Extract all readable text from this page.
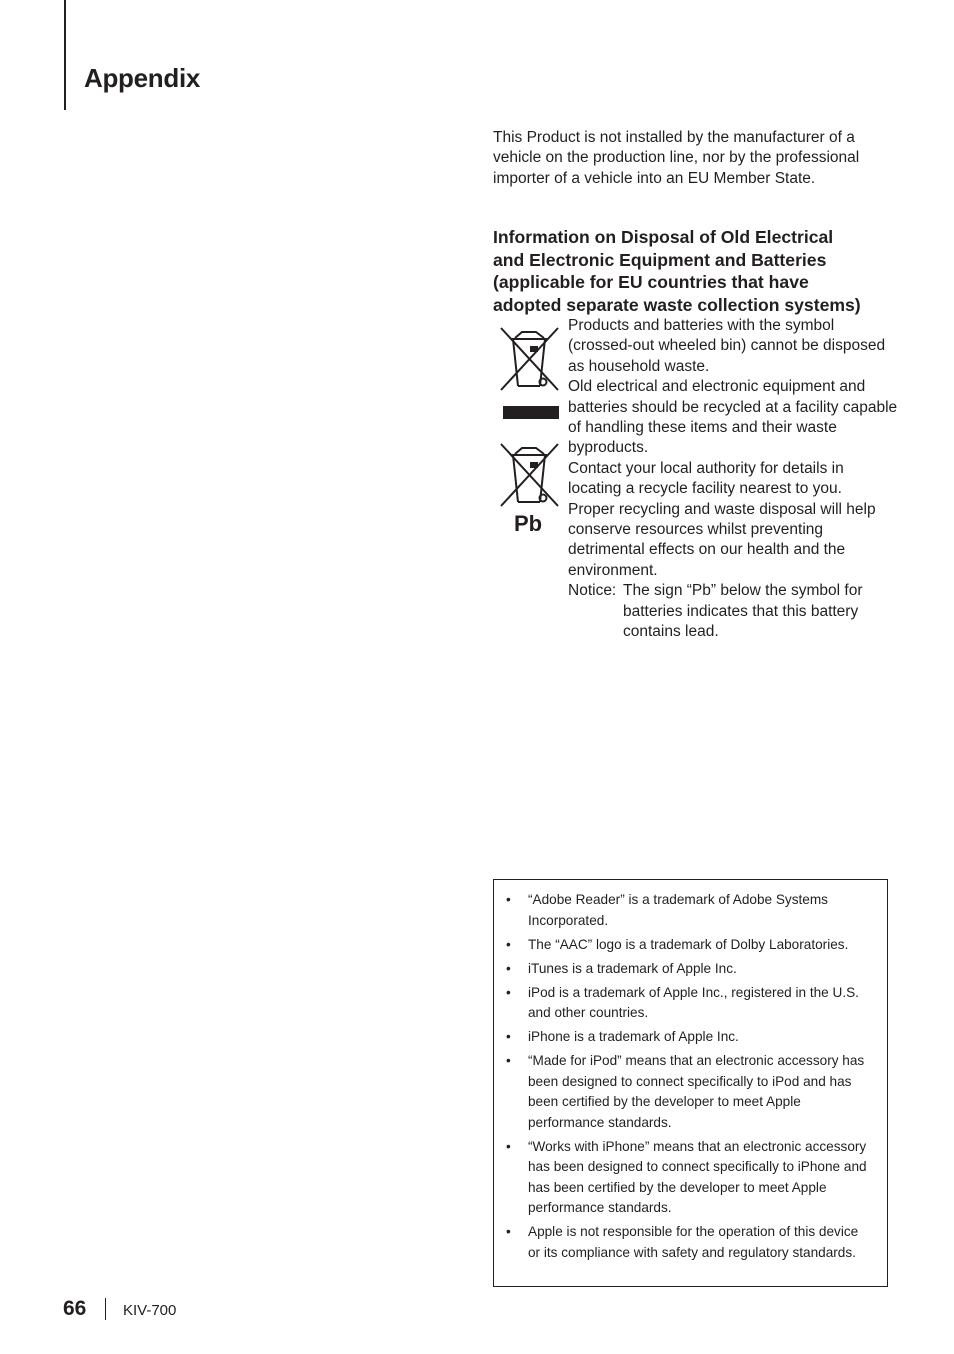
Appendix
This Product is not installed by the manufacturer of a vehicle on the production line, nor by the professional importer of a vehicle into an EU Member State.
Information on Disposal of Old Electrical
and Electronic Equipment and Batteries
(applicable for EU countries that have
adopted separate waste collection systems)
Pb

Products and batteries with the symbol (crossed-out wheeled bin) cannot be disposed as household waste.

Old electrical and electronic equipment and batteries should be recycled at a facility capable of handling these items and their waste byproducts.

Contact your local authority for details in locating a recycle facility nearest to you.

Proper recycling and waste disposal will help conserve resources whilst preventing detrimental effects on our health and the environment.

Notice: The sign “Pb” below the symbol for batteries indicates that this battery contains lead.
•	“Adobe Reader” is a trademark of Adobe Systems Incorporated.
•	The “AAC” logo is a trademark of Dolby Laboratories.
•	iTunes is a trademark of Apple Inc.
•	iPod is a trademark of Apple Inc., registered in the U.S. and other countries.
•	iPhone is a trademark of Apple Inc.
•	“Made for iPod” means that an electronic accessory has been designed to connect specifically to iPod and has been certified by the developer to meet Apple performance standards.
•	“Works with iPhone” means that an electronic accessory has been designed to connect specifically to iPhone and has been certified by the developer to meet Apple performance standards.
•	Apple is not responsible for the operation of this device or its compliance with safety and regulatory standards.
66 KIV-700
